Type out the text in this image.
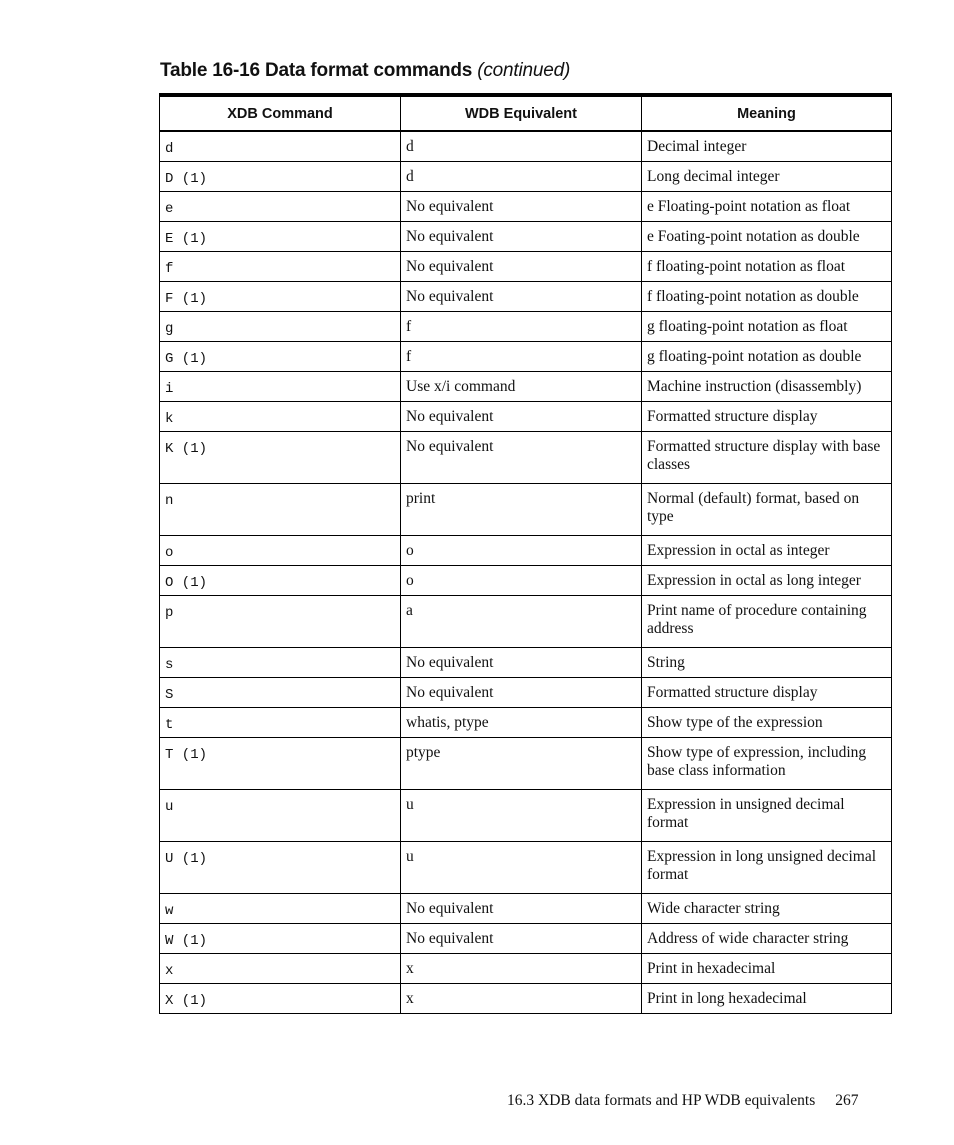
Table 16-16 Data format commands (continued)
XDB Command	WDB Equivalent	Meaning
d	d	Decimal integer
D (1)	d	Long decimal integer
e	No equivalent	e Floating-point notation as float
E (1)	No equivalent	e Foating-point notation as double
f	No equivalent	f floating-point notation as float
F (1)	No equivalent	f floating-point notation as double
g	f	g floating-point notation as float
G (1)	f	g floating-point notation as double
i	Use x/i command	Machine instruction (disassembly)
k	No equivalent	Formatted structure display
K (1)	No equivalent	Formatted structure display with base classes
n	print	Normal (default) format, based on type
o	o	Expression in octal as integer
O (1)	o	Expression in octal as long integer
p	a	Print name of procedure containing address
s	No equivalent	String
S	No equivalent	Formatted structure display
t	whatis, ptype	Show type of the expression
T (1)	ptype	Show type of expression, including base class information
u	u	Expression in unsigned decimal format
U (1)	u	Expression in long unsigned decimal format
w	No equivalent	Wide character string
W (1)	No equivalent	Address of wide character string
x	x	Print in hexadecimal
X (1)	x	Print in long hexadecimal
16.3 XDB data formats and HP WDB equivalents 267
